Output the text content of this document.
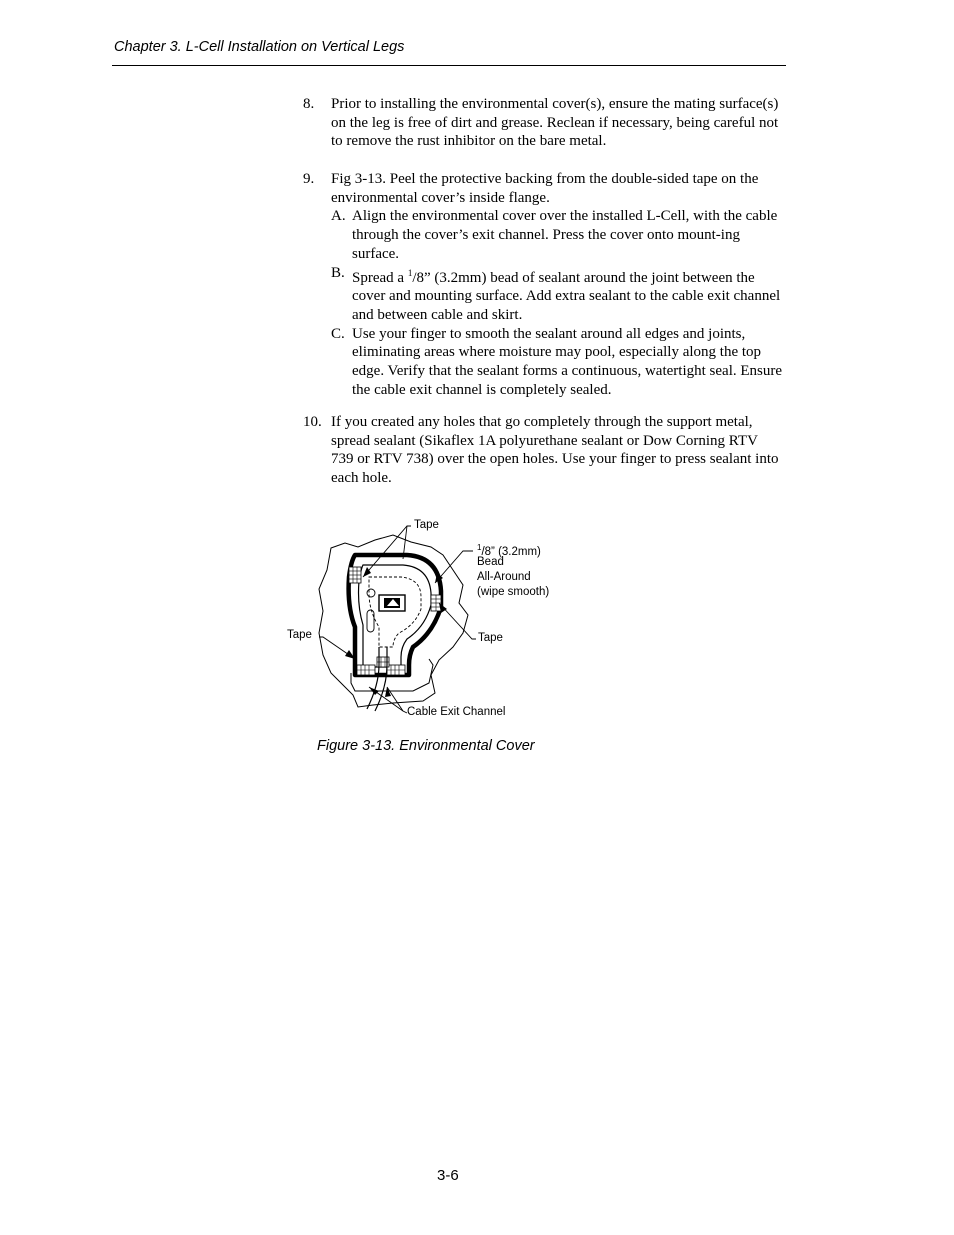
Chapter 3. L-Cell Installation on Vertical Legs
8. Prior to installing the environmental cover(s), ensure the mating surface(s) on the leg is free of dirt and grease. Reclean if necessary, being careful not to remove the rust inhibitor on the bare metal.
9. Fig 3-13. Peel the protective backing from the double-sided tape on the environmental cover’s inside flange.
A. Align the environmental cover over the installed L-Cell, with the cable through the cover’s exit channel. Press the cover onto mount-ing surface.
B. Spread a $^1$/8” (3.2mm) bead of sealant around the joint between the cover and mounting surface. Add extra sealant to the cable exit channel and between cable and skirt.
C. Use your finger to smooth the sealant around all edges and joints, eliminating areas where moisture may pool, especially along the top edge. Verify that the sealant forms a continuous, watertight seal. Ensure the cable exit channel is completely sealed.
10. If you created any holes that go completely through the support metal, spread sealant (Sikaflex 1A polyurethane sealant or Dow Corning RTV 739 or RTV 738) over the open holes. Use your finger to press sealant into each hole.
Tape
$^1$/8” (3.2mm)
Bead
All-Around
(wipe smooth)
Tape	Tape
Cable Exit Channel
Figure 3-13. Environmental Cover
3-6
